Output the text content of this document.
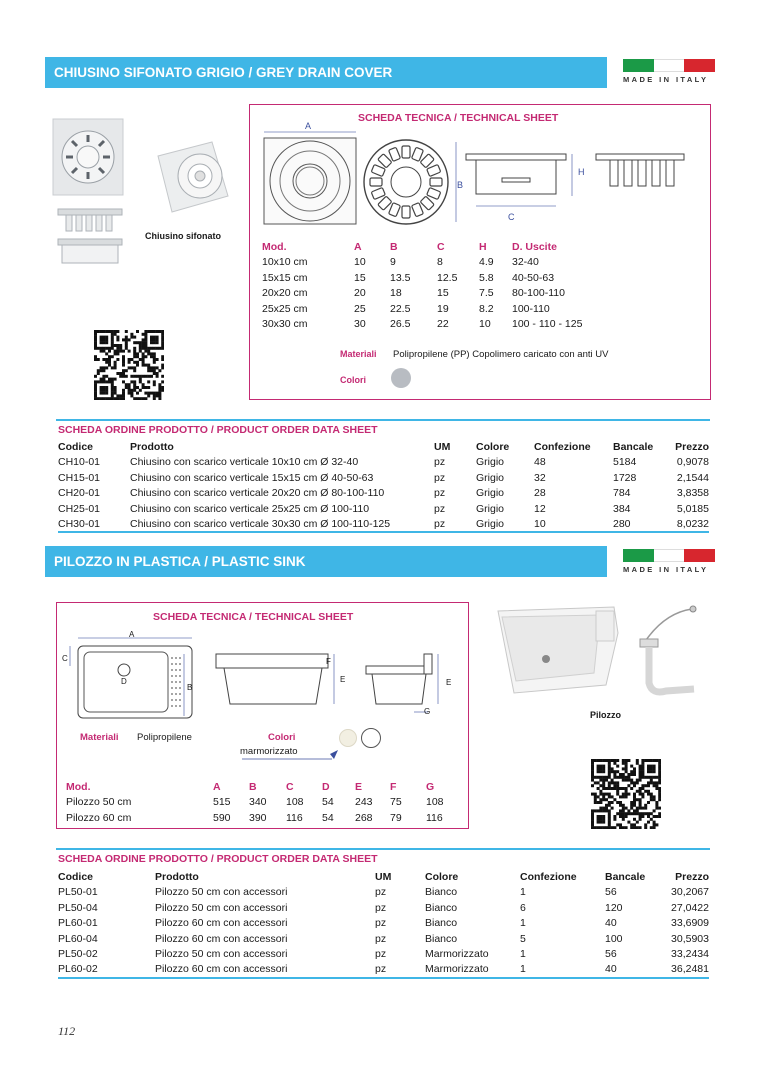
CHIUSINO SIFONATO GRIGIO / GREY DRAIN COVER	MADE IN ITALY
Chiusino sifonato
SCHEDA TECNICA / TECHNICAL SHEET
A
B
H
C
Mod.	A	B	C	H	D. Uscite
10x10 cm	10	9	8	4.9	32-40
15x15 cm	15	13.5	12.5	5.8	40-50-63
20x20 cm	20	18	15	7.5	80-100-110
25x25 cm	25	22.5	19	8.2	100-110
30x30 cm	30	26.5	22	10	100 - 110 - 125
Materiali Polipropilene (PP) Copolimero caricato con anti UV
Colori
SCHEDA ORDINE PRODOTTO / PRODUCT ORDER DATA SHEET
Codice	Prodotto	UM	Colore	Confezione	Bancale	Prezzo
CH10-01	Chiusino con scarico verticale 10x10 cm Ø 32-40	pz	Grigio	48	5184	0,9078
CH15-01	Chiusino con scarico verticale 15x15 cm Ø 40-50-63	pz	Grigio	32	1728	2,1544
CH20-01	Chiusino con scarico verticale 20x20 cm Ø 80-100-110	pz	Grigio	28	784	3,8358
CH25-01	Chiusino con scarico verticale 25x25 cm Ø 100-110	pz	Grigio	12	384	5,0185
CH30-01	Chiusino con scarico verticale 30x30 cm Ø 100-110-125	pz	Grigio	10	280	8,0232
PILOZZO IN PLASTICA / PLASTIC SINK
MADE IN ITALY
SCHEDA TECNICA / TECHNICAL SHEET
A
C
D
B
F
E
G
E
Materiali Polipropilene	Colori
marmorizzato
Mod.	A	B	C	D	E	F	G
Pilozzo 50 cm	515	340	108	54	243	75	108
Pilozzo 60 cm	590	390	116	54	268	79	116
Pilozzo
SCHEDA ORDINE PRODOTTO / PRODUCT ORDER DATA SHEET
Codice	Prodotto	UM	Colore	Confezione	Bancale	Prezzo
PL50-01	Pilozzo 50 cm con accessori	pz	Bianco	1	56	30,2067
PL50-04	Pilozzo 50 cm con accessori	pz	Bianco	6	120	27,0422
PL60-01	Pilozzo 60 cm con accessori	pz	Bianco	1	40	33,6909
PL60-04	Pilozzo 60 cm con accessori	pz	Bianco	5	100	30,5903
PL50-02	Pilozzo 50 cm con accessori	pz	Marmorizzato	1	56	33,2434
PL60-02	Pilozzo 60 cm con accessori	pz	Marmorizzato	1	40	36,2481
112
